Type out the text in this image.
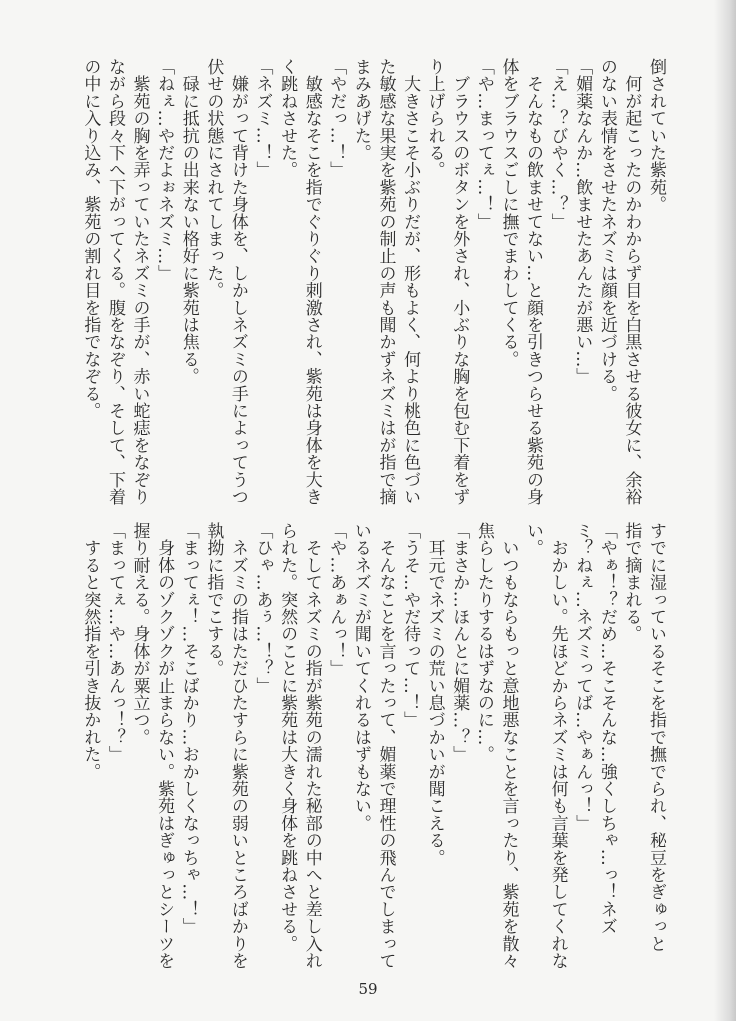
倒されていた紫苑。
　何が起こったのかわからず目を白黒させる彼女に、余裕
のない表情をさせたネズミは顔を近づける。
「媚薬なんか…飲ませたあんたが悪い…」
「え…？びやく…？」
　そんなもの飲ませてない…と顔を引きつらせる紫苑の身
体をブラウスごしに撫でまわしてくる。
「や…まってぇ…！」
　ブラウスのボタンを外され、小ぶりな胸を包む下着をず
り上げられる。
　大きさこそ小ぶりだが、形もよく、何より桃色に色づい
た敏感な果実を紫苑の制止の声も聞かずネズミはが指で摘
まみあげた。
「やだっ…！」
　敏感なそこを指でぐりぐり刺激され、紫苑は身体を大き
く跳ねさせた。
「ネズミ…！」
　嫌がって背けた身体を、しかしネズミの手によってうつ
伏せの状態にされてしまった。
　碌に抵抗の出来ない格好に紫苑は焦る。
「ねぇ…やだよぉネズミ…」
　紫苑の胸を弄っていたネズミの手が、赤い蛇痣をなぞり
ながら段々下へ下がってくる。腹をなぞり、そして、下着
の中に入り込み、紫苑の割れ目を指でなぞる。
すでに湿っているそこを指で撫でられ、秘豆をぎゅっと
指で摘まれる。
「やぁ！？だめ…そこそんな…強くしちゃ…っ！ネズ
ミ？ねぇ…ネズミってば…やぁんっ！」
　おかしい。先ほどからネズミは何も言葉を発してくれな
い。
　いつもならもっと意地悪なことを言ったり、紫苑を散々
焦らしたりするはずなのに…。
「まさか…ほんとに媚薬…？」
　耳元でネズミの荒い息づかいが聞こえる。
「うそ…やだ待って…！」
　そんなことを言ったって、媚薬で理性の飛んでしまって
いるネズミが聞いてくれるはずもない。
「や…あぁんっ！」
　そしてネズミの指が紫苑の濡れた秘部の中へと差し入れ
られた。突然のことに紫苑は大きく身体を跳ねさせる。
「ひゃ…あぅ…！？」
　ネズミの指はただひたすらに紫苑の弱いところばかりを
執拗に指でこする。
「まってぇ！…そこばかり…おかしくなっちゃ…！」
　身体のゾクゾクが止まらない。紫苑はぎゅっとシーツを
握り耐える。身体が粟立つ。
「まってぇ…や…あんっ！？」
　すると突然指を引き抜かれた。
59
